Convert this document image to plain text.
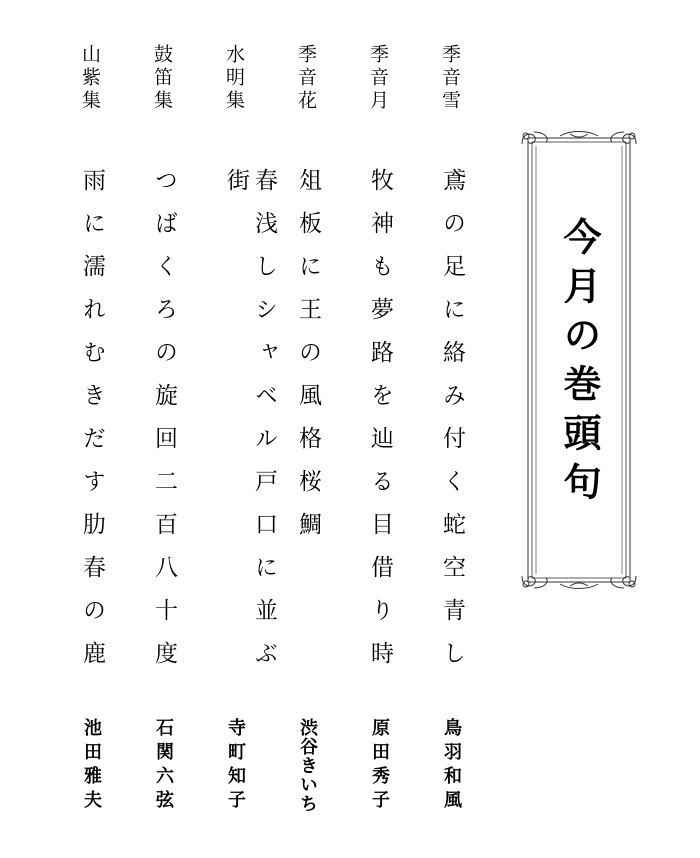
今月の巻頭句
季音雪
鳶の足に絡み付く蛇空青し
鳥羽和風
季音月
牧神も夢路を辿る目借り時
原田秀子
季音花
俎板に王の風格桜鯛
渋谷きいち
水明集
春浅しシャベル戸口に並ぶ街
寺町知子
鼓笛集
つばくろの旋回二百八十度
石関六弦
山紫集
雨に濡れむきだす肋春の鹿
池田雅夫
